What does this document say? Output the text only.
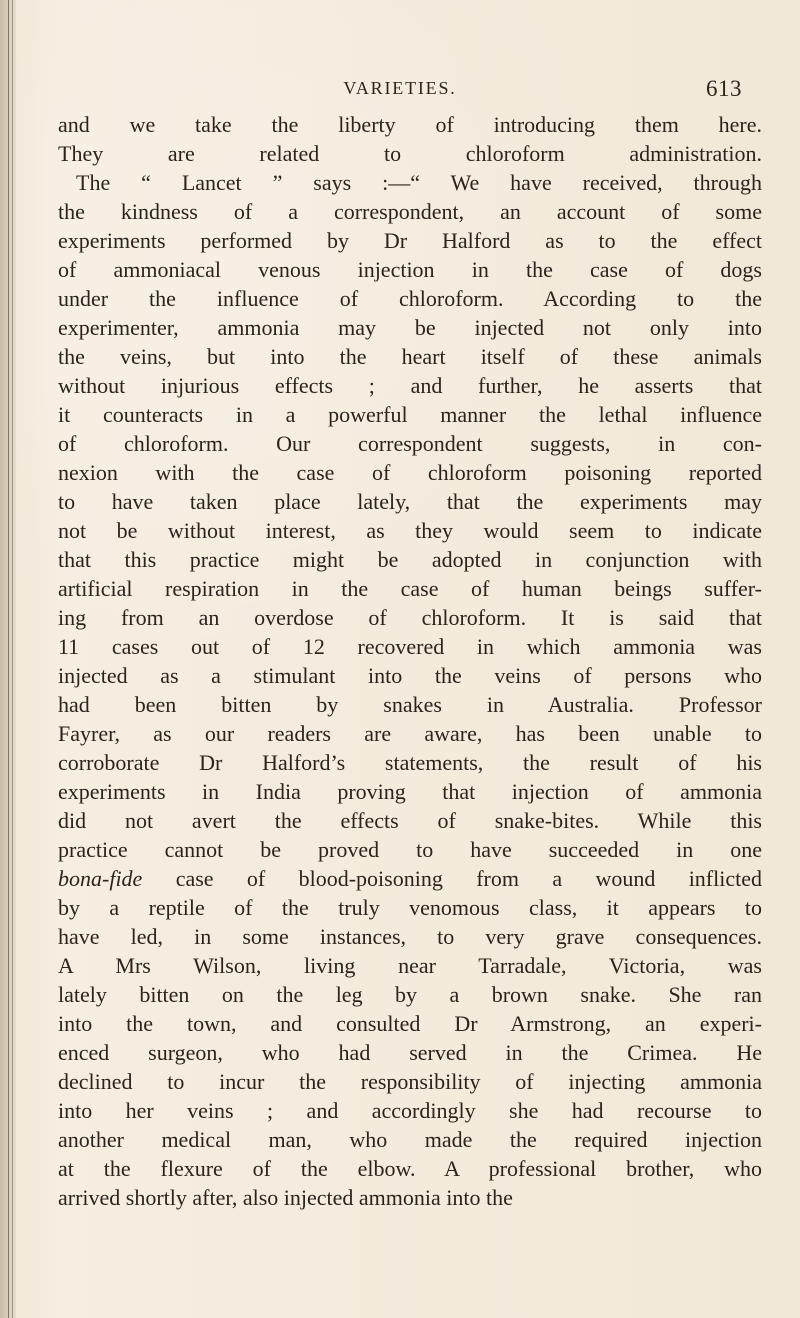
VARIETIES.	613
and we take the liberty of introducing them here.
They are related to chloroform administration.
The “ Lancet ” says :—“ We have received, through
the kindness of a correspondent, an account of some
experiments performed by Dr Halford as to the effect
of ammoniacal venous injection in the case of dogs
under the influence of chloroform. According to the
experimenter, ammonia may be injected not only into
the veins, but into the heart itself of these animals
without injurious effects ; and further, he asserts that
it counteracts in a powerful manner the lethal influence
of chloroform. Our correspondent suggests, in con-
nexion with the case of chloroform poisoning reported
to have taken place lately, that the experiments may
not be without interest, as they would seem to indicate
that this practice might be adopted in conjunction with
artificial respiration in the case of human beings suffer-
ing from an overdose of chloroform. It is said that
11 cases out of 12 recovered in which ammonia was
injected as a stimulant into the veins of persons who
had been bitten by snakes in Australia. Professor
Fayrer, as our readers are aware, has been unable to
corroborate Dr Halford’s statements, the result of his
experiments in India proving that injection of ammonia
did not avert the effects of snake-bites. While this
practice cannot be proved to have succeeded in one
bona-fide case of blood-poisoning from a wound inflicted
by a reptile of the truly venomous class, it appears to
have led, in some instances, to very grave consequences.
A Mrs Wilson, living near Tarradale, Victoria, was
lately bitten on the leg by a brown snake. She ran
into the town, and consulted Dr Armstrong, an experi-
enced surgeon, who had served in the Crimea. He
declined to incur the responsibility of injecting ammonia
into her veins ; and accordingly she had recourse to
another medical man, who made the required injection
at the flexure of the elbow. A professional brother, who
arrived shortly after, also injected ammonia into the
